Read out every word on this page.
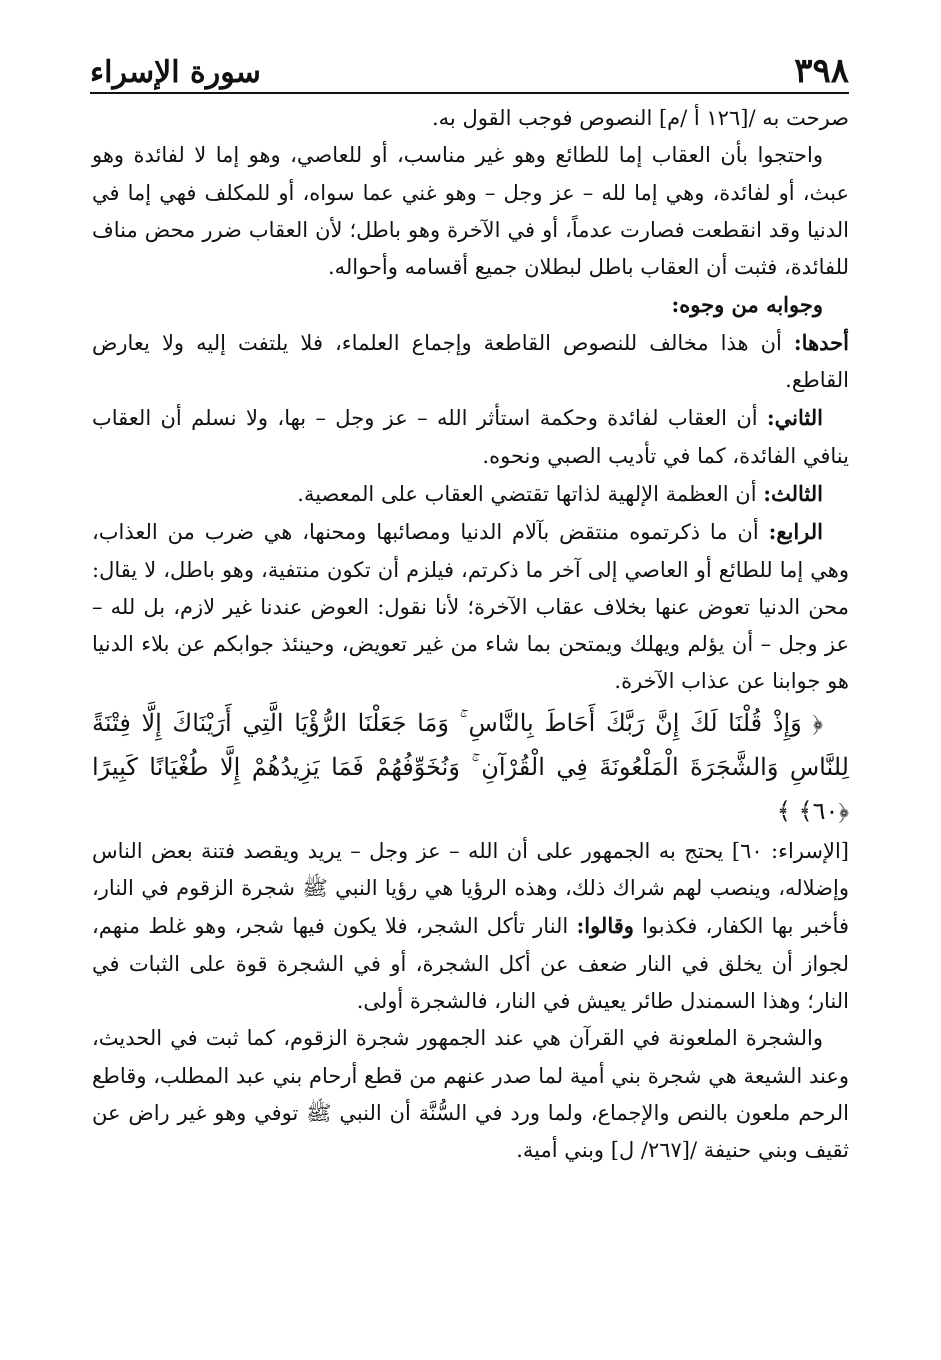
٣٩٨
سورة الإسراء

صرحت به /[١٢٦ أ /م] النصوص فوجب القول به.

واحتجوا بأن العقاب إما للطائع وهو غير مناسب، أو للعاصي، وهو إما لا لفائدة وهو عبث، أو لفائدة، وهي إما لله – عز وجل – وهو غني عما سواه، أو للمكلف فهي إما في الدنيا وقد انقطعت فصارت عدماً، أو في الآخرة وهو باطل؛ لأن العقاب ضرر محض مناف للفائدة، فثبت أن العقاب باطل لبطلان جميع أقسامه وأحواله.

وجوابه من وجوه:

أحدها: أن هذا مخالف للنصوص القاطعة وإجماع العلماء، فلا يلتفت إليه ولا يعارض القاطع.

الثاني: أن العقاب لفائدة وحكمة استأثر الله – عز وجل – بها، ولا نسلم أن العقاب ينافي الفائدة، كما في تأديب الصبي ونحوه.

الثالث: أن العظمة الإلهية لذاتها تقتضي العقاب على المعصية.

الرابع: أن ما ذكرتموه منتقض بآلام الدنيا ومصائبها ومحنها، هي ضرب من العذاب، وهي إما للطائع أو العاصي إلى آخر ما ذكرتم، فيلزم أن تكون منتفية، وهو باطل، لا يقال: محن الدنيا تعوض عنها بخلاف عقاب الآخرة؛ لأنا نقول: العوض عندنا غير لازم، بل لله – عز وجل – أن يؤلم ويهلك ويمتحن بما شاء من غير تعويض، وحينئذ جوابكم عن بلاء الدنيا هو جوابنا عن عذاب الآخرة.

﴿ وَإِذْ قُلْنَا لَكَ إِنَّ رَبَّكَ أَحَاطَ بِالنَّاسِ ۚ وَمَا جَعَلْنَا الرُّؤْيَا الَّتِي أَرَيْنَاكَ إِلَّا فِتْنَةً لِلنَّاسِ وَالشَّجَرَةَ الْمَلْعُونَةَ فِي الْقُرْآنِ ۚ وَنُخَوِّفُهُمْ فَمَا يَزِيدُهُمْ إِلَّا طُغْيَانًا كَبِيرًا ﴿٦٠﴾ ﴾

[الإسراء: ٦٠] يحتج به الجمهور على أن الله – عز وجل – يريد ويقصد فتنة بعض الناس وإضلاله، وينصب لهم شراك ذلك، وهذه الرؤيا هي رؤيا النبي ﷺ شجرة الزقوم في النار، فأخبر بها الكفار، فكذبوا وقالوا: النار تأكل الشجر، فلا يكون فيها شجر، وهو غلط منهم، لجواز أن يخلق في النار ضعف عن أكل الشجرة، أو في الشجرة قوة على الثبات في النار؛ وهذا السمندل طائر يعيش في النار، فالشجرة أولى.

والشجرة الملعونة في القرآن هي عند الجمهور شجرة الزقوم، كما ثبت في الحديث، وعند الشيعة هي شجرة بني أمية لما صدر عنهم من قطع أرحام بني عبد المطلب، وقاطع الرحم ملعون بالنص والإجماع، ولما ورد في السُّنَّة أن النبي ﷺ توفي وهو غير راض عن ثقيف وبني حنيفة /[٢٦٧/ ل] وبني أمية.
